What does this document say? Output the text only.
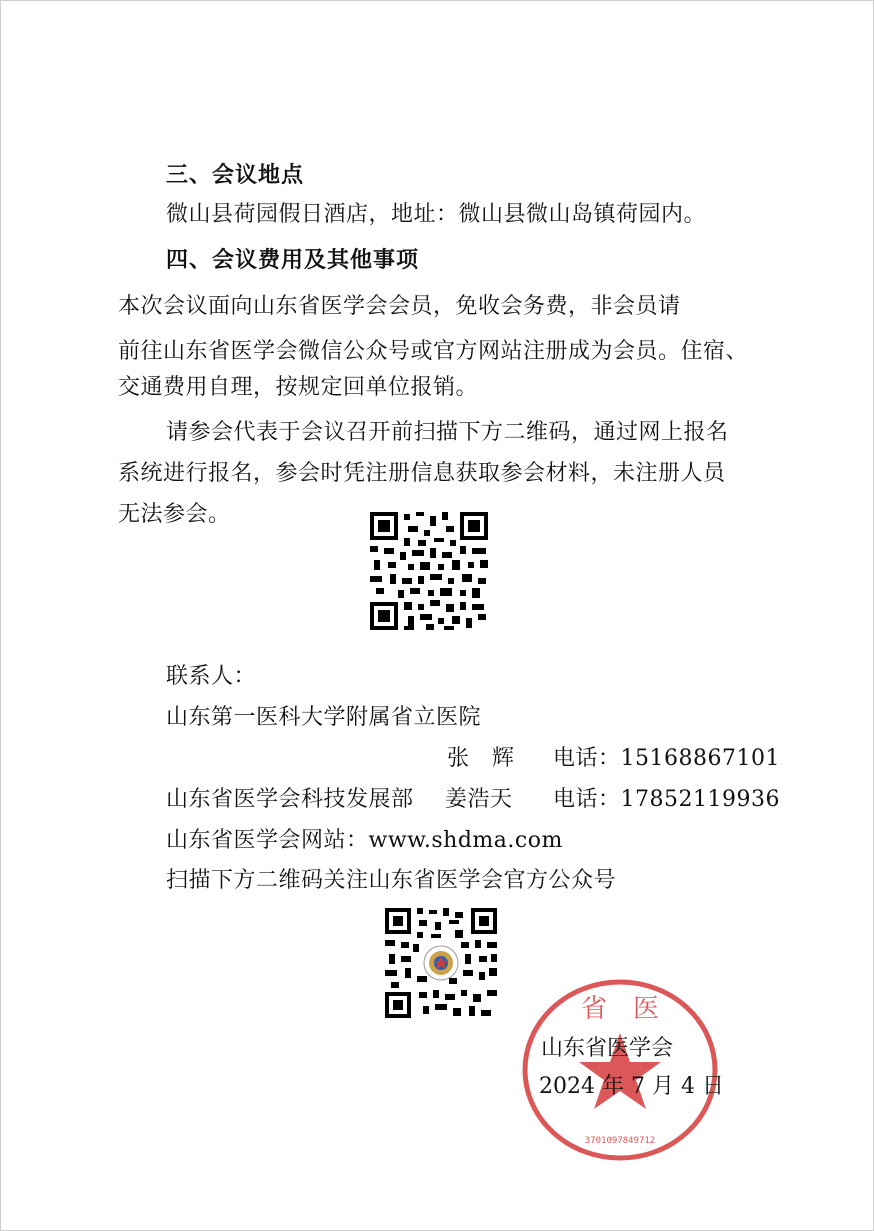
三、会议地点
微山县荷园假日酒店，地址：微山县微山岛镇荷园内。
四、会议费用及其他事项
本次会议面向山东省医学会会员，免收会务费，非会员请
前往山东省医学会微信公众号或官方网站注册成为会员。住宿、
交通费用自理，按规定回单位报销。
请参会代表于会议召开前扫描下方二维码，通过网上报名
系统进行报名，参会时凭注册信息获取参会材料，未注册人员
无法参会。
联系人：
山东第一医科大学附属省立医院
张　辉 电话：15168867101
山东省医学会科技发展部 姜浩天 电话：17852119936
山东省医学会网站：www.shdma.com
扫描下方二维码关注山东省医学会官方公众号
省　医
3701097849712
山东省医学会
2024 年 7 月 4 日
